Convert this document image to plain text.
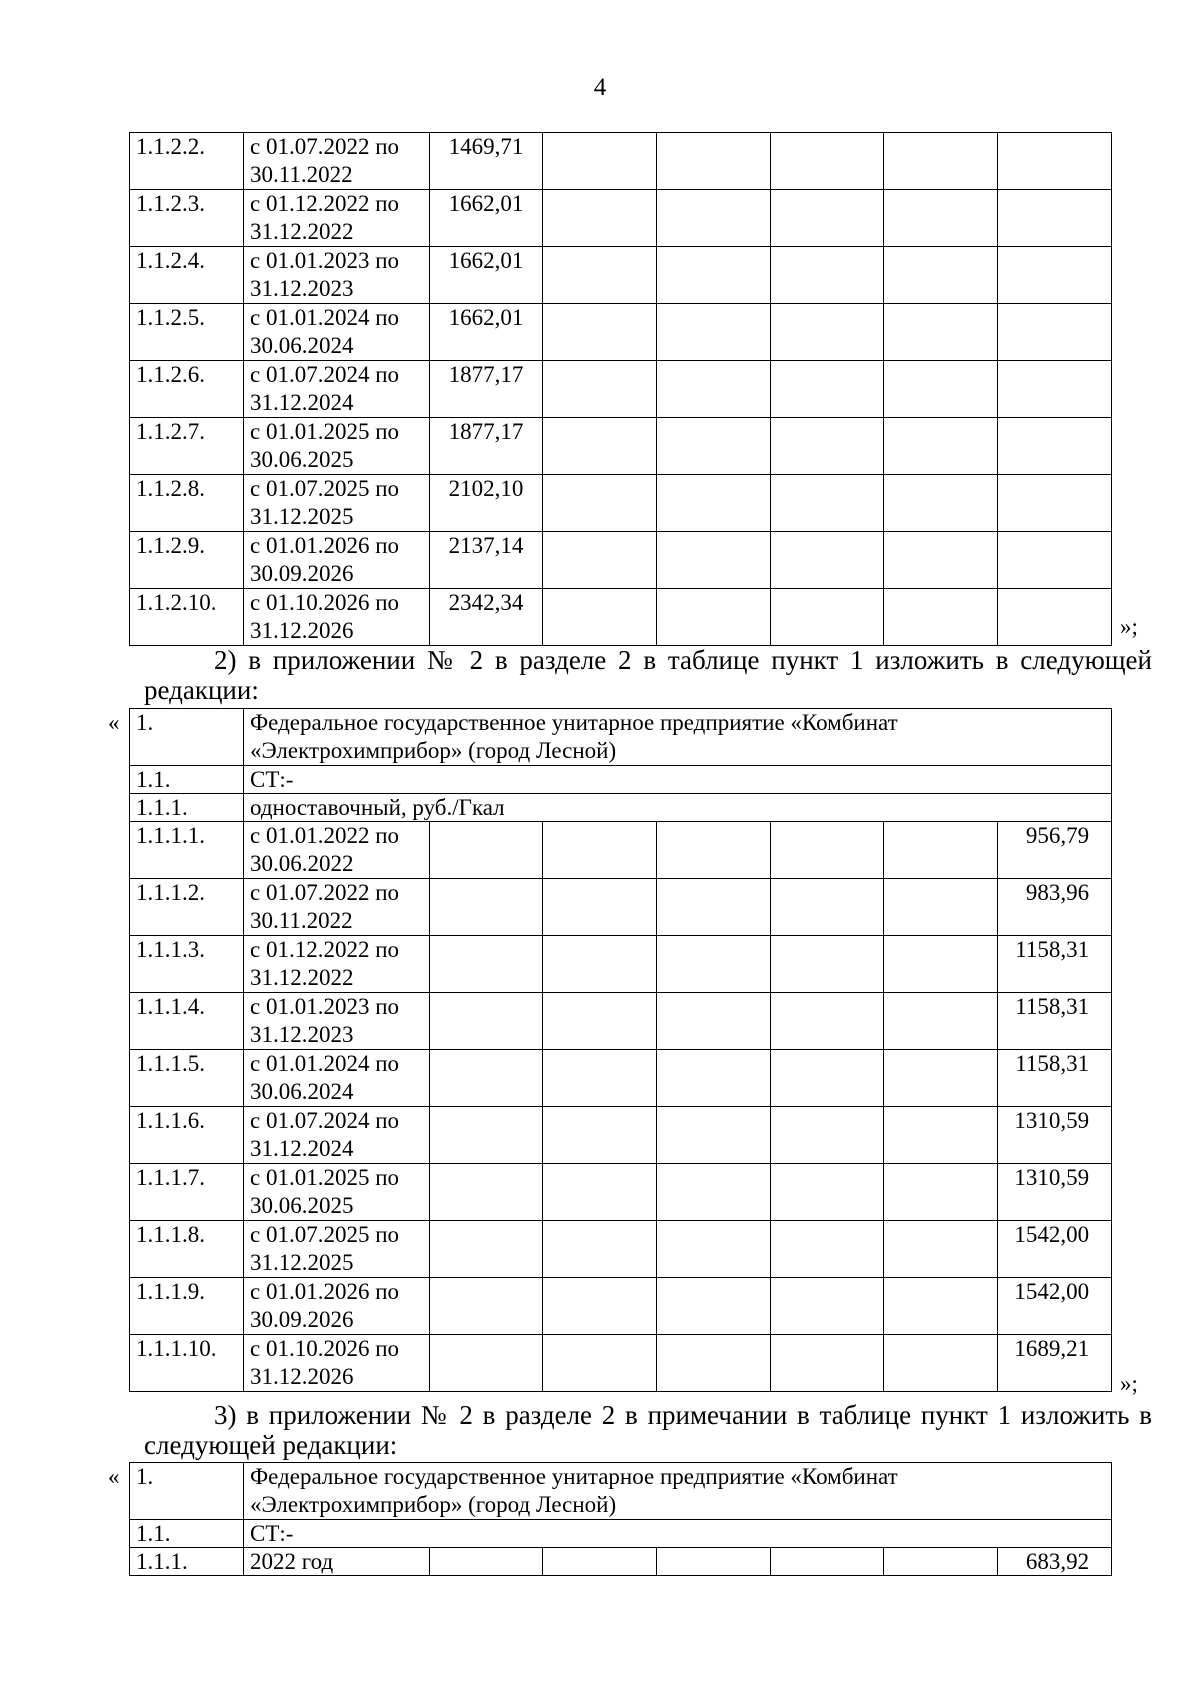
4
1.1.2.2.	с 01.07.2022 по 30.11.2022	1469,71					
1.1.2.3.	с 01.12.2022 по 31.12.2022	1662,01					
1.1.2.4.	с 01.01.2023 по 31.12.2023	1662,01					
1.1.2.5.	с 01.01.2024 по 30.06.2024	1662,01					
1.1.2.6.	с 01.07.2024 по 31.12.2024	1877,17					
1.1.2.7.	с 01.01.2025 по 30.06.2025	1877,17					
1.1.2.8.	с 01.07.2025 по 31.12.2025	2102,10					
1.1.2.9.	с 01.01.2026 по 30.09.2026	2137,14					
1.1.2.10.	с 01.10.2026 по 31.12.2026	2342,34					
»;
2) в приложении № 2 в разделе 2 в таблице пункт 1 изложить в следующей редакции:
« 1.	Федеральное государственное унитарное предприятие «Комбинат «Электрохимприбор» (город Лесной)						
1.1.	СТ:-						
1.1.1.	одноставочный, руб./Гкал						
1.1.1.1.	с 01.01.2022 по 30.06.2022						956,79
1.1.1.2.	с 01.07.2022 по 30.11.2022						983,96
1.1.1.3.	с 01.12.2022 по 31.12.2022						1158,31
1.1.1.4.	с 01.01.2023 по 31.12.2023						1158,31
1.1.1.5.	с 01.01.2024 по 30.06.2024						1158,31
1.1.1.6.	с 01.07.2024 по 31.12.2024						1310,59
1.1.1.7.	с 01.01.2025 по 30.06.2025						1310,59
1.1.1.8.	с 01.07.2025 по 31.12.2025						1542,00
1.1.1.9.	с 01.01.2026 по 30.09.2026						1542,00
1.1.1.10.	с 01.10.2026 по 31.12.2026						1689,21
»;
3) в приложении № 2 в разделе 2 в примечании в таблице пункт 1 изложить в следующей редакции:
« 1.	Федеральное государственное унитарное предприятие «Комбинат «Электрохимприбор» (город Лесной)						
1.1.	СТ:-						
1.1.1.	2022 год						683,92
